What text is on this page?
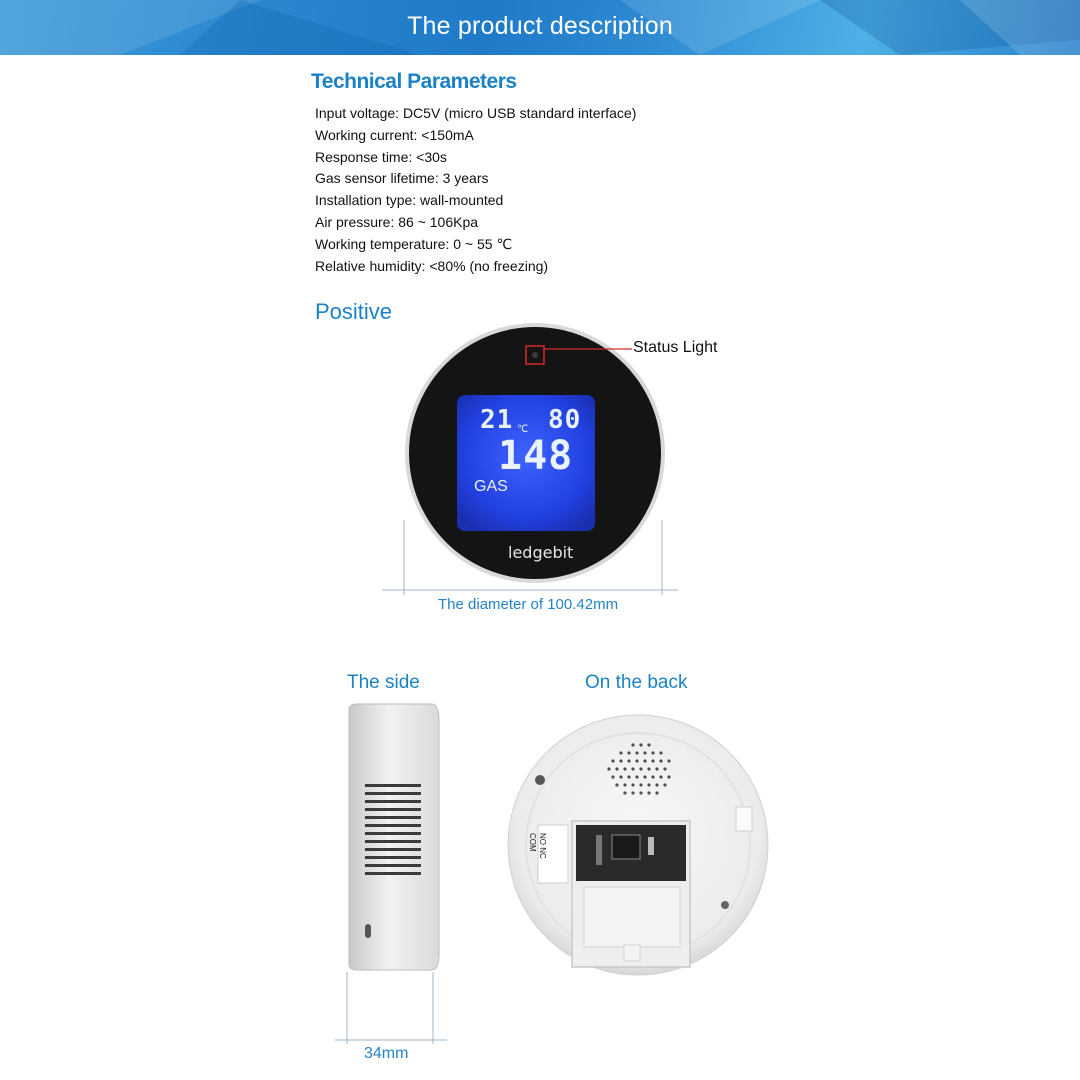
The product description
Technical Parameters
Input voltage: DC5V (micro USB standard interface)
Working current: <150mA
Response time: <30s
Gas sensor lifetime: 3 years
Installation type: wall-mounted
Air pressure: 86 ~ 106Kpa
Working temperature: 0 ~ 55 ℃
Relative humidity: <80% (no freezing)
Positive
21 ℃ 80
148
GAS
ledgebit
Status Light
The diameter of 100.42mm
The side
34mm
On the back
NO NC COM
